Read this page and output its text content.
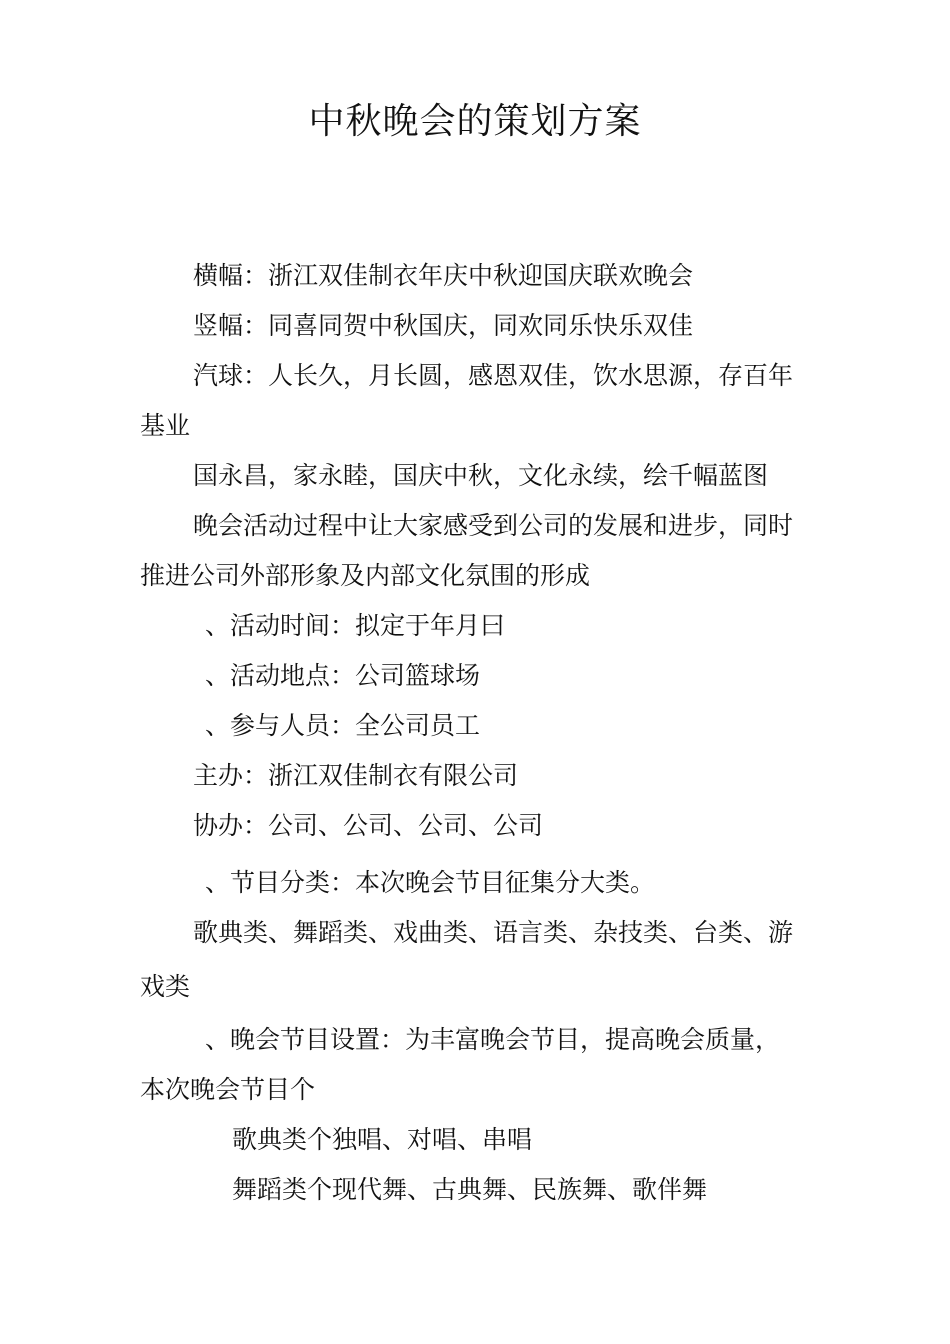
中秋晚会的策划方案
横幅：浙江双佳制衣年庆中秋迎国庆联欢晚会
竖幅：同喜同贺中秋国庆，同欢同乐快乐双佳
汽球：人长久，月长圆，感恩双佳，饮水思源，存百年
基业
国永昌，家永睦，国庆中秋，文化永续，绘千幅蓝图
晚会活动过程中让大家感受到公司的发展和进步，同时
推进公司外部形象及内部文化氛围的形成
、活动时间：拟定于年月曰
、活动地点：公司篮球场
、参与人员：全公司员工
主办：浙江双佳制衣有限公司
协办：公司、公司、公司、公司
、节目分类：本次晚会节目征集分大类。
歌典类、舞蹈类、戏曲类、语言类、杂技类、台类、游
戏类
、晚会节目设置：为丰富晚会节目，提高晚会质量，
本次晚会节目个
歌典类个独唱、对唱、串唱
舞蹈类个现代舞、古典舞、民族舞、歌伴舞
